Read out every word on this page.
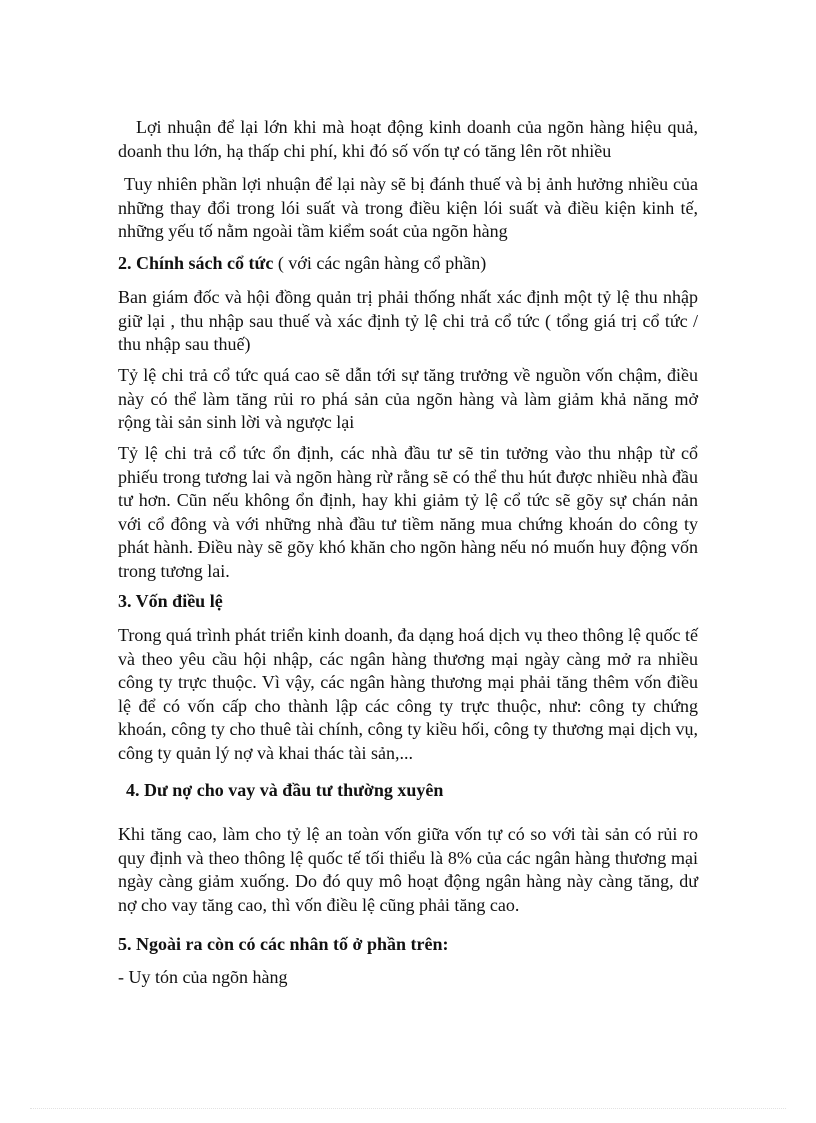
Lợi nhuận để lại lớn khi mà hoạt động kinh doanh của ngõn hàng hiệu quả, doanh thu lớn, hạ thấp chi phí, khi đó số vốn tự có tăng lên rõt nhiều

Tuy nhiên phần lợi nhuận để lại này sẽ bị đánh thuế và bị ảnh hưởng nhiều của những thay đổi trong lói suất và trong điều kiện lói suất và điều kiện kinh tế, những yếu tố nằm ngoài tầm kiểm soát của ngõn hàng

2. Chính sách cổ tức ( với các ngân hàng cổ phần)

Ban giám đốc và hội đồng quản trị phải thống nhất xác định một tỷ lệ thu nhập giữ lại , thu nhập sau thuế và xác định tỷ lệ chi trả cổ tức ( tổng giá trị cổ tức / thu nhập sau thuế)

Tỷ lệ chi trả cổ tức quá cao sẽ dẫn tới sự tăng trưởng về nguồn vốn chậm, điều này có thể làm tăng rủi ro phá sản của ngõn hàng và làm giảm khả năng mở rộng tài sản sinh lời và ngược lại

Tỷ lệ chi trả cổ tức ổn định, các nhà đầu tư sẽ tin tưởng vào thu nhập từ cổ phiếu trong tương lai và ngõn hàng rừ rằng sẽ có thể thu hút được nhiều nhà đầu tư hơn. Cũn nếu không ổn định, hay khi giảm tỷ lệ cổ tức sẽ gõy sự chán nản với cổ đông và với những nhà đầu tư tiềm năng mua chứng khoán do công ty phát hành. Điều này sẽ gõy khó khăn cho ngõn hàng nếu nó muốn huy động vốn trong tương lai.

3. Vốn điều lệ

Trong quá trình phát triển kinh doanh, đa dạng hoá dịch vụ theo thông lệ quốc tế và theo yêu cầu hội nhập, các ngân hàng thương mại ngày càng mở ra nhiều công ty trực thuộc. Vì vậy, các ngân hàng thương mại phải tăng thêm vốn điều lệ để có vốn cấp cho thành lập các công ty trực thuộc, như: công ty chứng khoán, công ty cho thuê tài chính, công ty kiều hối, công ty thương mại dịch vụ, công ty quản lý nợ và khai thác tài sản,...

4. Dư nợ cho vay và đầu tư thường xuyên

Khi tăng cao, làm cho tỷ lệ an toàn vốn giữa vốn tự có so với tài sản có rủi ro quy định và theo thông lệ quốc tế tối thiểu là 8% của các ngân hàng thương mại ngày càng giảm xuống. Do đó quy mô hoạt động ngân hàng này càng tăng, dư nợ cho vay tăng cao, thì vốn điều lệ cũng phải tăng cao.

5. Ngoài ra còn có các nhân tố ở phần trên:

- Uy tón của ngõn hàng
